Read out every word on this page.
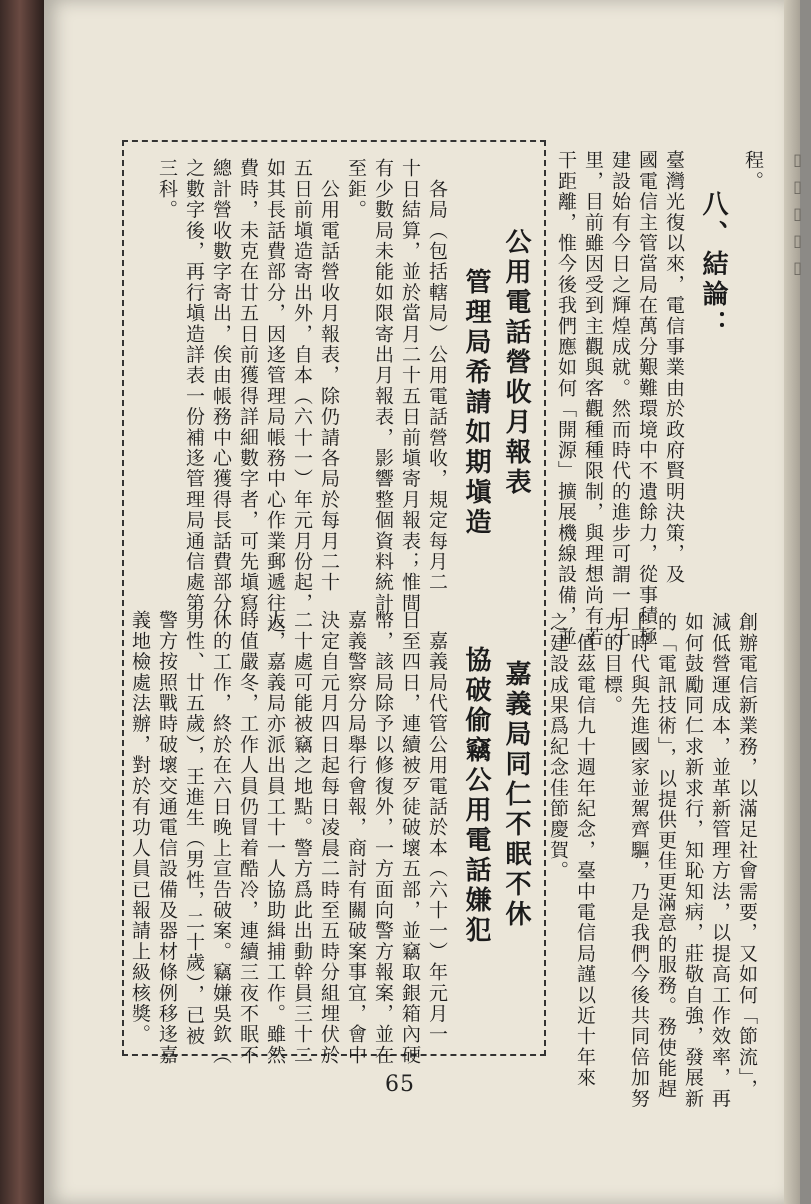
▯▯▯▯▯
程。
八、結論：
臺灣光復以來，電信事業由於政府賢明決策，及
國電信主管當局在萬分艱難環境中不遺餘力，從事積極
建設始有今日之輝煌成就。然而時代的進步可謂一日千
里，目前雖因受到主觀與客觀種種限制，與理想尚有若
干距離，惟今後我們應如何「開源」擴展機線設備，並
創辦電信新業務，以滿足社會需要，又如何「節流」，
減低營運成本，並革新管理方法，以提高工作效率，再
如何鼓勵同仁求新求行，知恥知病，莊敬自強，發展新
的「電訊技術」，以提供更佳更滿意的服務。務使能趕
上時代與先進國家並駕齊驅，乃是我們今後共同倍加努
力的目標。
　值茲電信九十週年紀念，臺中電信局謹以近十年來
之建設成果爲紀念佳節慶賀。
公用電話營收月報表
管理局希請如期塡造
　各局（包括轄局）公用電話營收，規定每月二
十日結算，並於當月二十五日前塡寄月報表；惟間
有少數局未能如限寄出月報表，影響整個資料統計
至鉅。
　公用電話營收月報表，除仍請各局於每月二十
五日前塡造寄出外，自本（六十一）年元月份起，
如其長話費部分，因迻管理局帳務中心作業郵遞往返
費時，未克在廿五日前獲得詳細數字者，可先塡寫
總計營收數字寄出，俟由帳務中心獲得長話費部分
之數字後，再行塡造詳表一份補迻管理局通信處第
三科。
嘉義局同仁不眠不休
協破偷竊公用電話嫌犯
　嘉義局代管公用電話於本（六十一）年元月一
日至四日，連續被歹徒破壞五部，並竊取銀箱內硬
幣，該局除予以修復外，一方面向警方報案，並在
嘉義警察分局舉行會報，商討有關破案事宜，會中
決定自元月四日起每日凌晨二時至五時分組埋伏於
二十處可能被竊之地點。警方爲此出動幹員三十二
人，嘉義局亦派出員工十一人協助緝捕工作。雖然
時值嚴冬，工作人員仍冒着酷冷，連續三夜不眠不
休的工作，終於在六日晚上宣告破案。竊嫌吳欽（
男性、廿五歲），王進生（男性，二十歲），已被
警方按照戰時破壞交通電信設備及器材條例移迻嘉
義地檢處法辦，對於有功人員已報請上級核獎。
65
